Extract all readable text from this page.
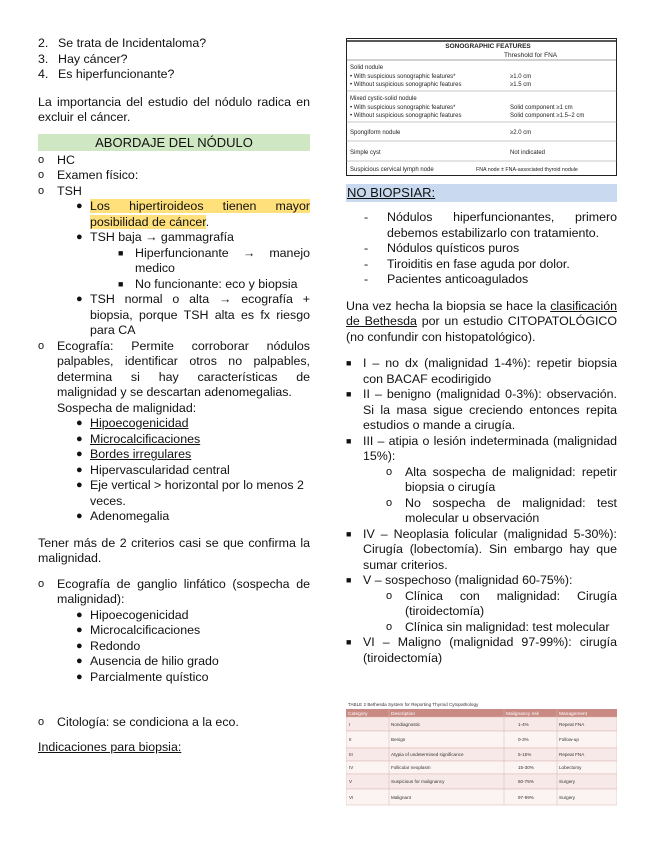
2. Se trata de Incidentaloma?
3. Hay cáncer?
4. Es hiperfuncionante?

La importancia del estudio del nódulo radica en excluir el cáncer.

ABORDAJE DEL NÓDULO
o	HC
o	Examen físico:
o	TSH
● Los hipertiroideos tienen mayor posibilidad de cáncer.
● TSH baja → gammagrafía
■ Hiperfuncionante → manejo medico
■ No funcionante: eco y biopsia
● TSH normal o alta → ecografía + biopsia, porque TSH alta es fx riesgo para CA
o	Ecografía: Permite corroborar nódulos palpables, identificar otros no palpables, determina si hay características de malignidad y se descartan adenomegalias.
Sospecha de malignidad:
● Hipoecogenicidad
● Microcalcificaciones
● Bordes irregulares
● Hipervascularidad central
● Eje vertical > horizontal por lo menos 2 veces.
● Adenomegalia

Tener más de 2 criterios casi se que confirma la malignidad.

o	Ecografía de ganglio linfático (sospecha de malignidad):
● Hipoecogenicidad
● Microcalcificaciones
● Redondo
● Ausencia de hilio grado
● Parcialmente quístico
o	Citología: se condiciona a la eco.

Indicaciones para biopsia:

SONOGRAPHIC FEATURES
Threshold for FNA
Solid nodule
• With suspicious sonographic features*	≥1.0 cm
• Without suspicious sonographic features	≥1.5 cm
Mixed cystic-solid nodule
• With suspicious sonographic features*	Solid component ≥1 cm
• Without suspicious sonographic features	Solid component ≥1.5–2 cm
Spongiform nodule	≥2.0 cm
Simple cyst	Not indicated
Suspicious cervical lymph node	FNA node ± FNA-associated thyroid nodule
NO BIOPSIAR:
-	Nódulos hiperfuncionantes, primero debemos estabilizarlo con tratamiento.
-	Nódulos quísticos puros
-	Tiroiditis en fase aguda por dolor.
-	Pacientes anticoagulados

Una vez hecha la biopsia se hace la clasificación de Bethesda por un estudio CITOPATOLÓGICO (no confundir con histopatológico).

■ I – no dx (malignidad 1-4%): repetir biopsia con BACAF ecodirigido
■ II – benigno (malignidad 0-3%): observación. Si la masa sigue creciendo entonces repita estudios o mande a cirugía.
■ III – atipia o lesión indeterminada (malignidad 15%):
o	Alta sospecha de malignidad: repetir biopsia o cirugía
o	No sospecha de malignidad: test molecular u observación
■ IV – Neoplasia folicular (malignidad 5-30%): Cirugía (lobectomía). Sin embargo hay que sumar criterios.
■ V – sospechoso (malignidad 60-75%):
o	Clínica con malignidad: Cirugía (tiroidectomía)
o	Clínica sin malignidad: test molecular
■ VI – Maligno (malignidad 97-99%): cirugía (tiroidectomía)
TABLE 2 Bethesda System for Reporting Thyroid Cytopathology
Category	Description	Malignancy risk	Management
I	Nondiagnostic	1-4%	Repeat FNA
II	Benign	0-3%	Follow-up
III	Atypia of undetermined significance	5-15%	Repeat FNA
IV	Follicular neoplasm	15-30%	Lobectomy
V	Suspicious for malignancy	60-75%	Surgery
VI	Malignant	97-99%	Surgery
